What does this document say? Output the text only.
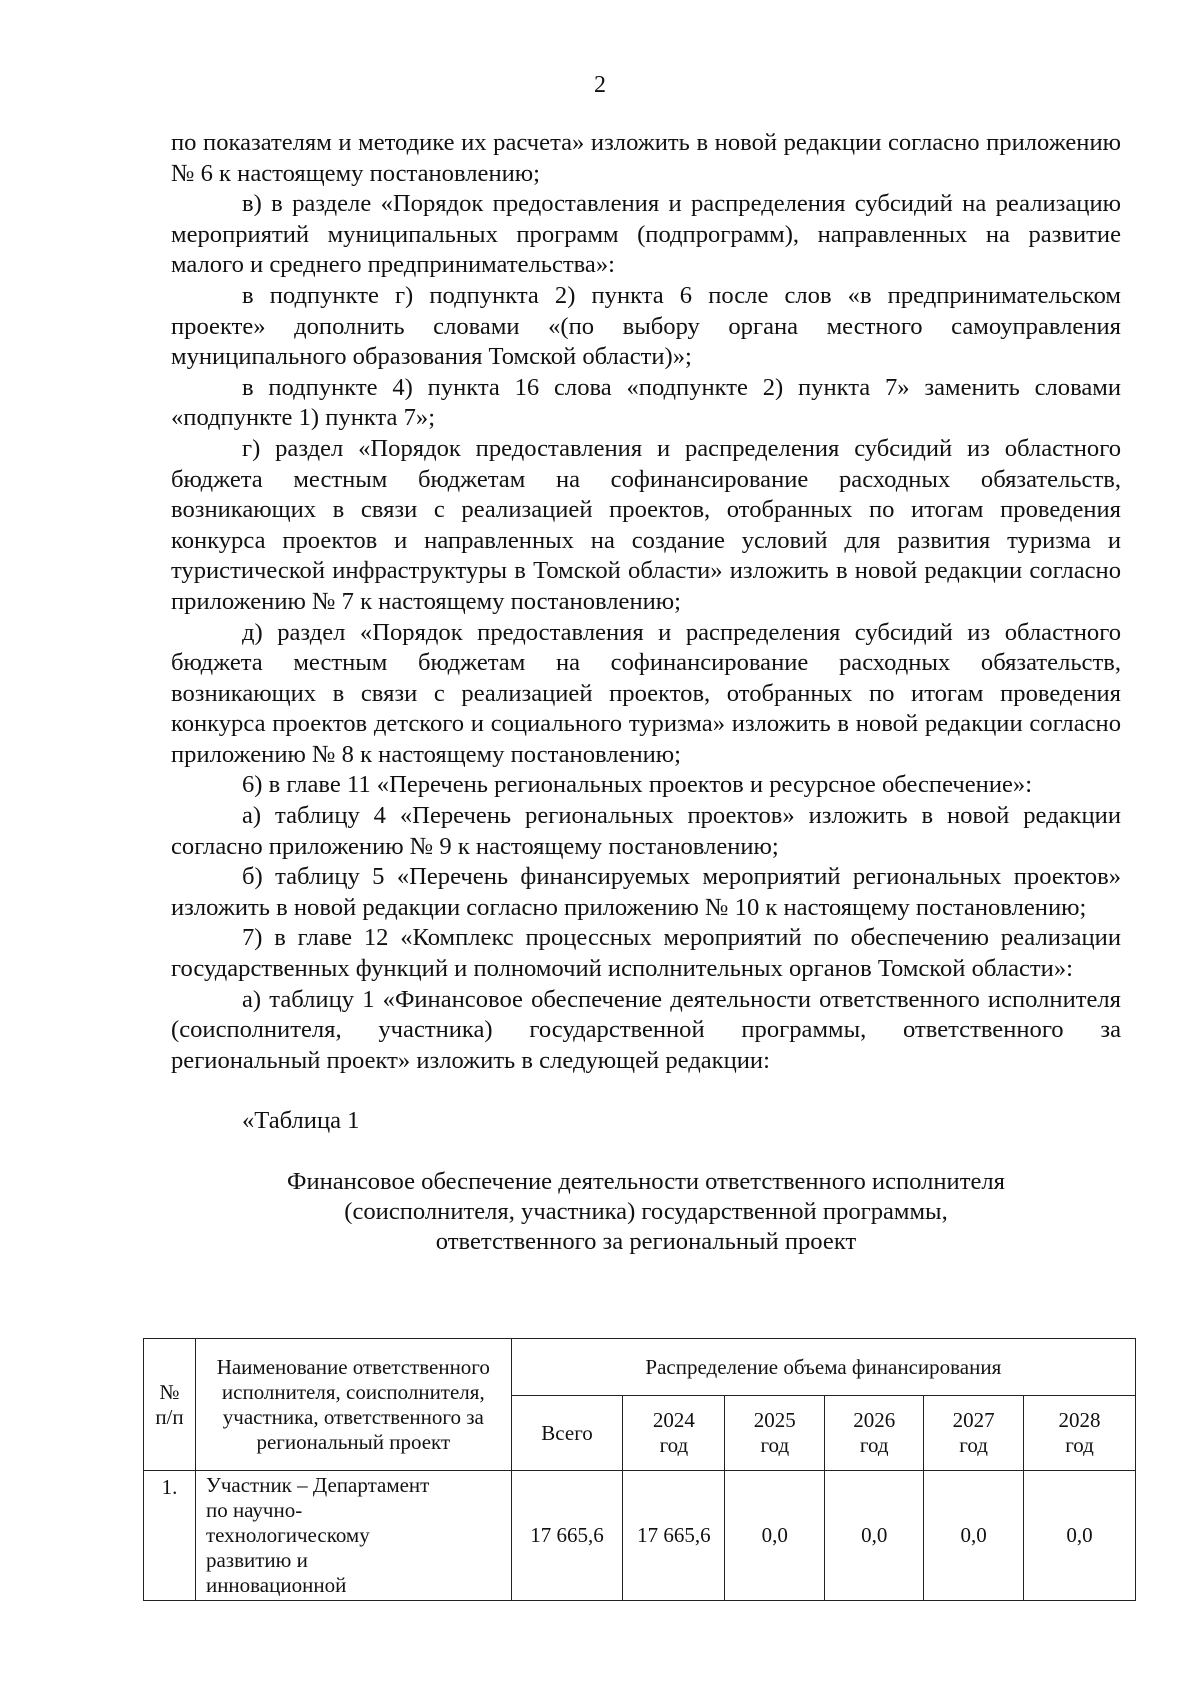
2

по показателям и методике их расчета» изложить в новой редакции согласно приложению № 6 к настоящему постановлению;

в) в разделе «Порядок предоставления и распределения субсидий на реализацию мероприятий муниципальных программ (подпрограмм), направленных на развитие малого и среднего предпринимательства»:

в подпункте г) подпункта 2) пункта 6 после слов «в предпринимательском проекте» дополнить словами «(по выбору органа местного самоуправления муниципального образования Томской области)»;

в подпункте 4) пункта 16 слова «подпункте 2) пункта 7» заменить словами «подпункте 1) пункта 7»;

г) раздел «Порядок предоставления и распределения субсидий из областного бюджета местным бюджетам на софинансирование расходных обязательств, возникающих в связи с реализацией проектов, отобранных по итогам проведения конкурса проектов и направленных на создание условий для развития туризма и туристической инфраструктуры в Томской области» изложить в новой редакции согласно приложению № 7 к настоящему постановлению;

д) раздел «Порядок предоставления и распределения субсидий из областного бюджета местным бюджетам на софинансирование расходных обязательств, возникающих в связи с реализацией проектов, отобранных по итогам проведения конкурса проектов детского и социального туризма» изложить в новой редакции согласно приложению № 8 к настоящему постановлению;

6) в главе 11 «Перечень региональных проектов и ресурсное обеспечение»:

а) таблицу 4 «Перечень региональных проектов» изложить в новой редакции согласно приложению № 9 к настоящему постановлению;

б) таблицу 5 «Перечень финансируемых мероприятий региональных проектов» изложить в новой редакции согласно приложению № 10 к настоящему постановлению;

7) в главе 12 «Комплекс процессных мероприятий по обеспечению реализации государственных функций и полномочий исполнительных органов Томской области»:

а) таблицу 1 «Финансовое обеспечение деятельности ответственного исполнителя (соисполнителя, участника) государственной программы, ответственного за региональный проект» изложить в следующей редакции:

«Таблица 1

Финансовое обеспечение деятельности ответственного исполнителя
(соисполнителя, участника) государственной программы,
ответственного за региональный проект
№ п/п	Наименование ответственного исполнителя, соисполнителя, участника, ответственного за региональный проект	Распределение объема финансирования					
		Всего	2024 год	2025 год	2026 год	2027 год	2028 год
1.	Участник – Департамент по научно-технологическому развитию и инновационной	17 665,6	17 665,6	0,0	0,0	0,0	0,0
